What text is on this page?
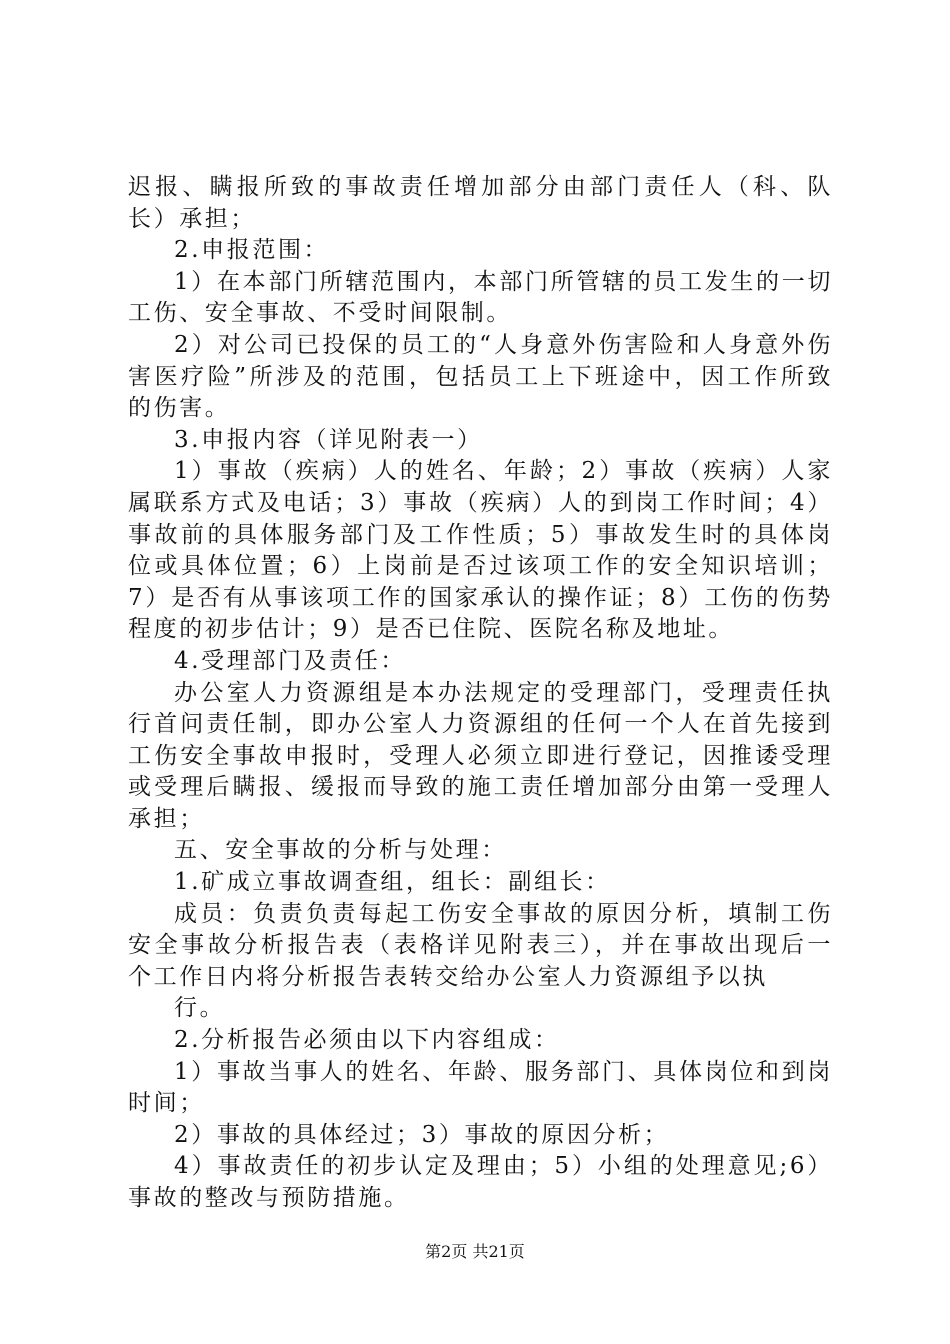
迟报、瞒报所致的事故责任增加部分由部门责任人（科、队长）承担；

2.申报范围：

1）在本部门所辖范围内，本部门所管辖的员工发生的一切工伤、安全事故、不受时间限制。

2）对公司已投保的员工的“人身意外伤害险和人身意外伤害医疗险”所涉及的范围，包括员工上下班途中，因工作所致的伤害。

3.申报内容（详见附表一）

1）事故（疾病）人的姓名、年龄；2）事故（疾病）人家属联系方式及电话；3）事故（疾病）人的到岗工作时间；4）事故前的具体服务部门及工作性质；5）事故发生时的具体岗位或具体位置；6）上岗前是否过该项工作的安全知识培训；7）是否有从事该项工作的国家承认的操作证；8）工伤的伤势程度的初步估计；9）是否已住院、医院名称及地址。

4.受理部门及责任：

办公室人力资源组是本办法规定的受理部门，受理责任执行首问责任制，即办公室人力资源组的任何一个人在首先接到工伤安全事故申报时，受理人必须立即进行登记，因推诿受理或受理后瞒报、缓报而导致的施工责任增加部分由第一受理人承担；

五、安全事故的分析与处理：

1.矿成立事故调查组，组长：副组长：

成员：负责负责每起工伤安全事故的原因分析，填制工伤安全事故分析报告表（表格详见附表三），并在事故出现后一个工作日内将分析报告表转交给办公室人力资源组予以执

行。

2.分析报告必须由以下内容组成：

1）事故当事人的姓名、年龄、服务部门、具体岗位和到岗时间；

2）事故的具体经过；3）事故的原因分析；

4）事故责任的初步认定及理由；5）小组的处理意见;6）事故的整改与预防措施。

第2页 共21页
